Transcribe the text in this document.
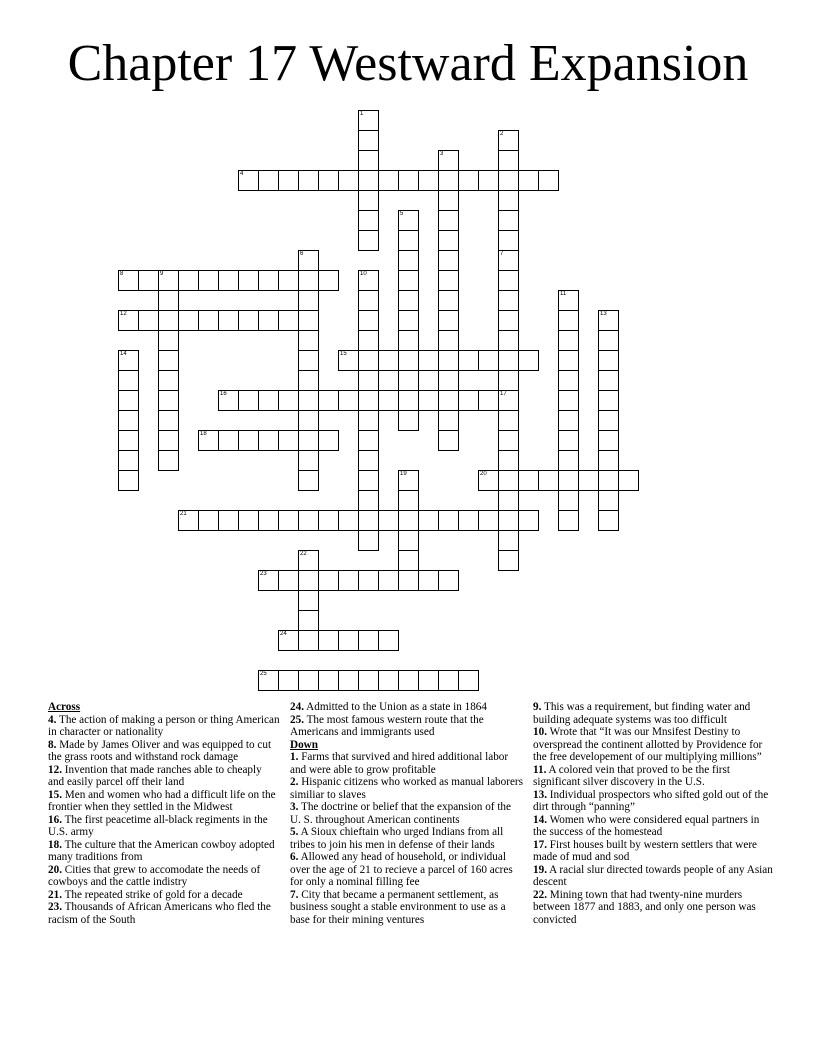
Chapter 17 Westward Expansion
4
8	9
12
15
16	17
18
20
21
23
24
25
1
2
3
5
6	7
10
11
13
14
19
22
Across
4. The action of making a person or thing American in character or nationality
8. Made by James Oliver and was equipped to cut the grass roots and withstand rock damage
12. Invention that made ranches able to cheaply and easily parcel off their land
15. Men and women who had a difficult life on the frontier when they settled in the Midwest
16. The first peacetime all-black regiments in the U.S. army
18. The culture that the American cowboy adopted many traditions from
20. Cities that grew to accomodate the needs of cowboys and the cattle indistry
21. The repeated strike of gold for a decade
23. Thousands of African Americans who fled the racism of the South
24. Admitted to the Union as a state in 1864
25. The most famous western route that the Americans and immigrants used
Down
1. Farms that survived and hired additional labor and were able to grow profitable
2. Hispanic citizens who worked as manual laborers similiar to slaves
3. The doctrine or belief that the expansion of the U. S. throughout American continents
5. A Sioux chieftain who urged Indians from all tribes to join his men in defense of their lands
6. Allowed any head of household, or individual over the age of 21 to recieve a parcel of 160 acres for only a nominal filling fee
7. City that became a permanent settlement, as business sought a stable environment to use as a base for their mining ventures
9. This was a requirement, but finding water and building adequate systems was too difficult
10. Wrote that “It was our Mnsifest Destiny to overspread the continent allotted by Providence for the free developement of our multiplying millions”
11. A colored vein that proved to be the first significant silver discovery in the U.S.
13. Individual prospectors who sifted gold out of the dirt through “panning”
14. Women who were considered equal partners in the success of the homestead
17. First houses built by western settlers that were made of mud and sod
19. A racial slur directed towards people of any Asian descent
22. Mining town that had twenty-nine murders between 1877 and 1883, and only one person was convicted
